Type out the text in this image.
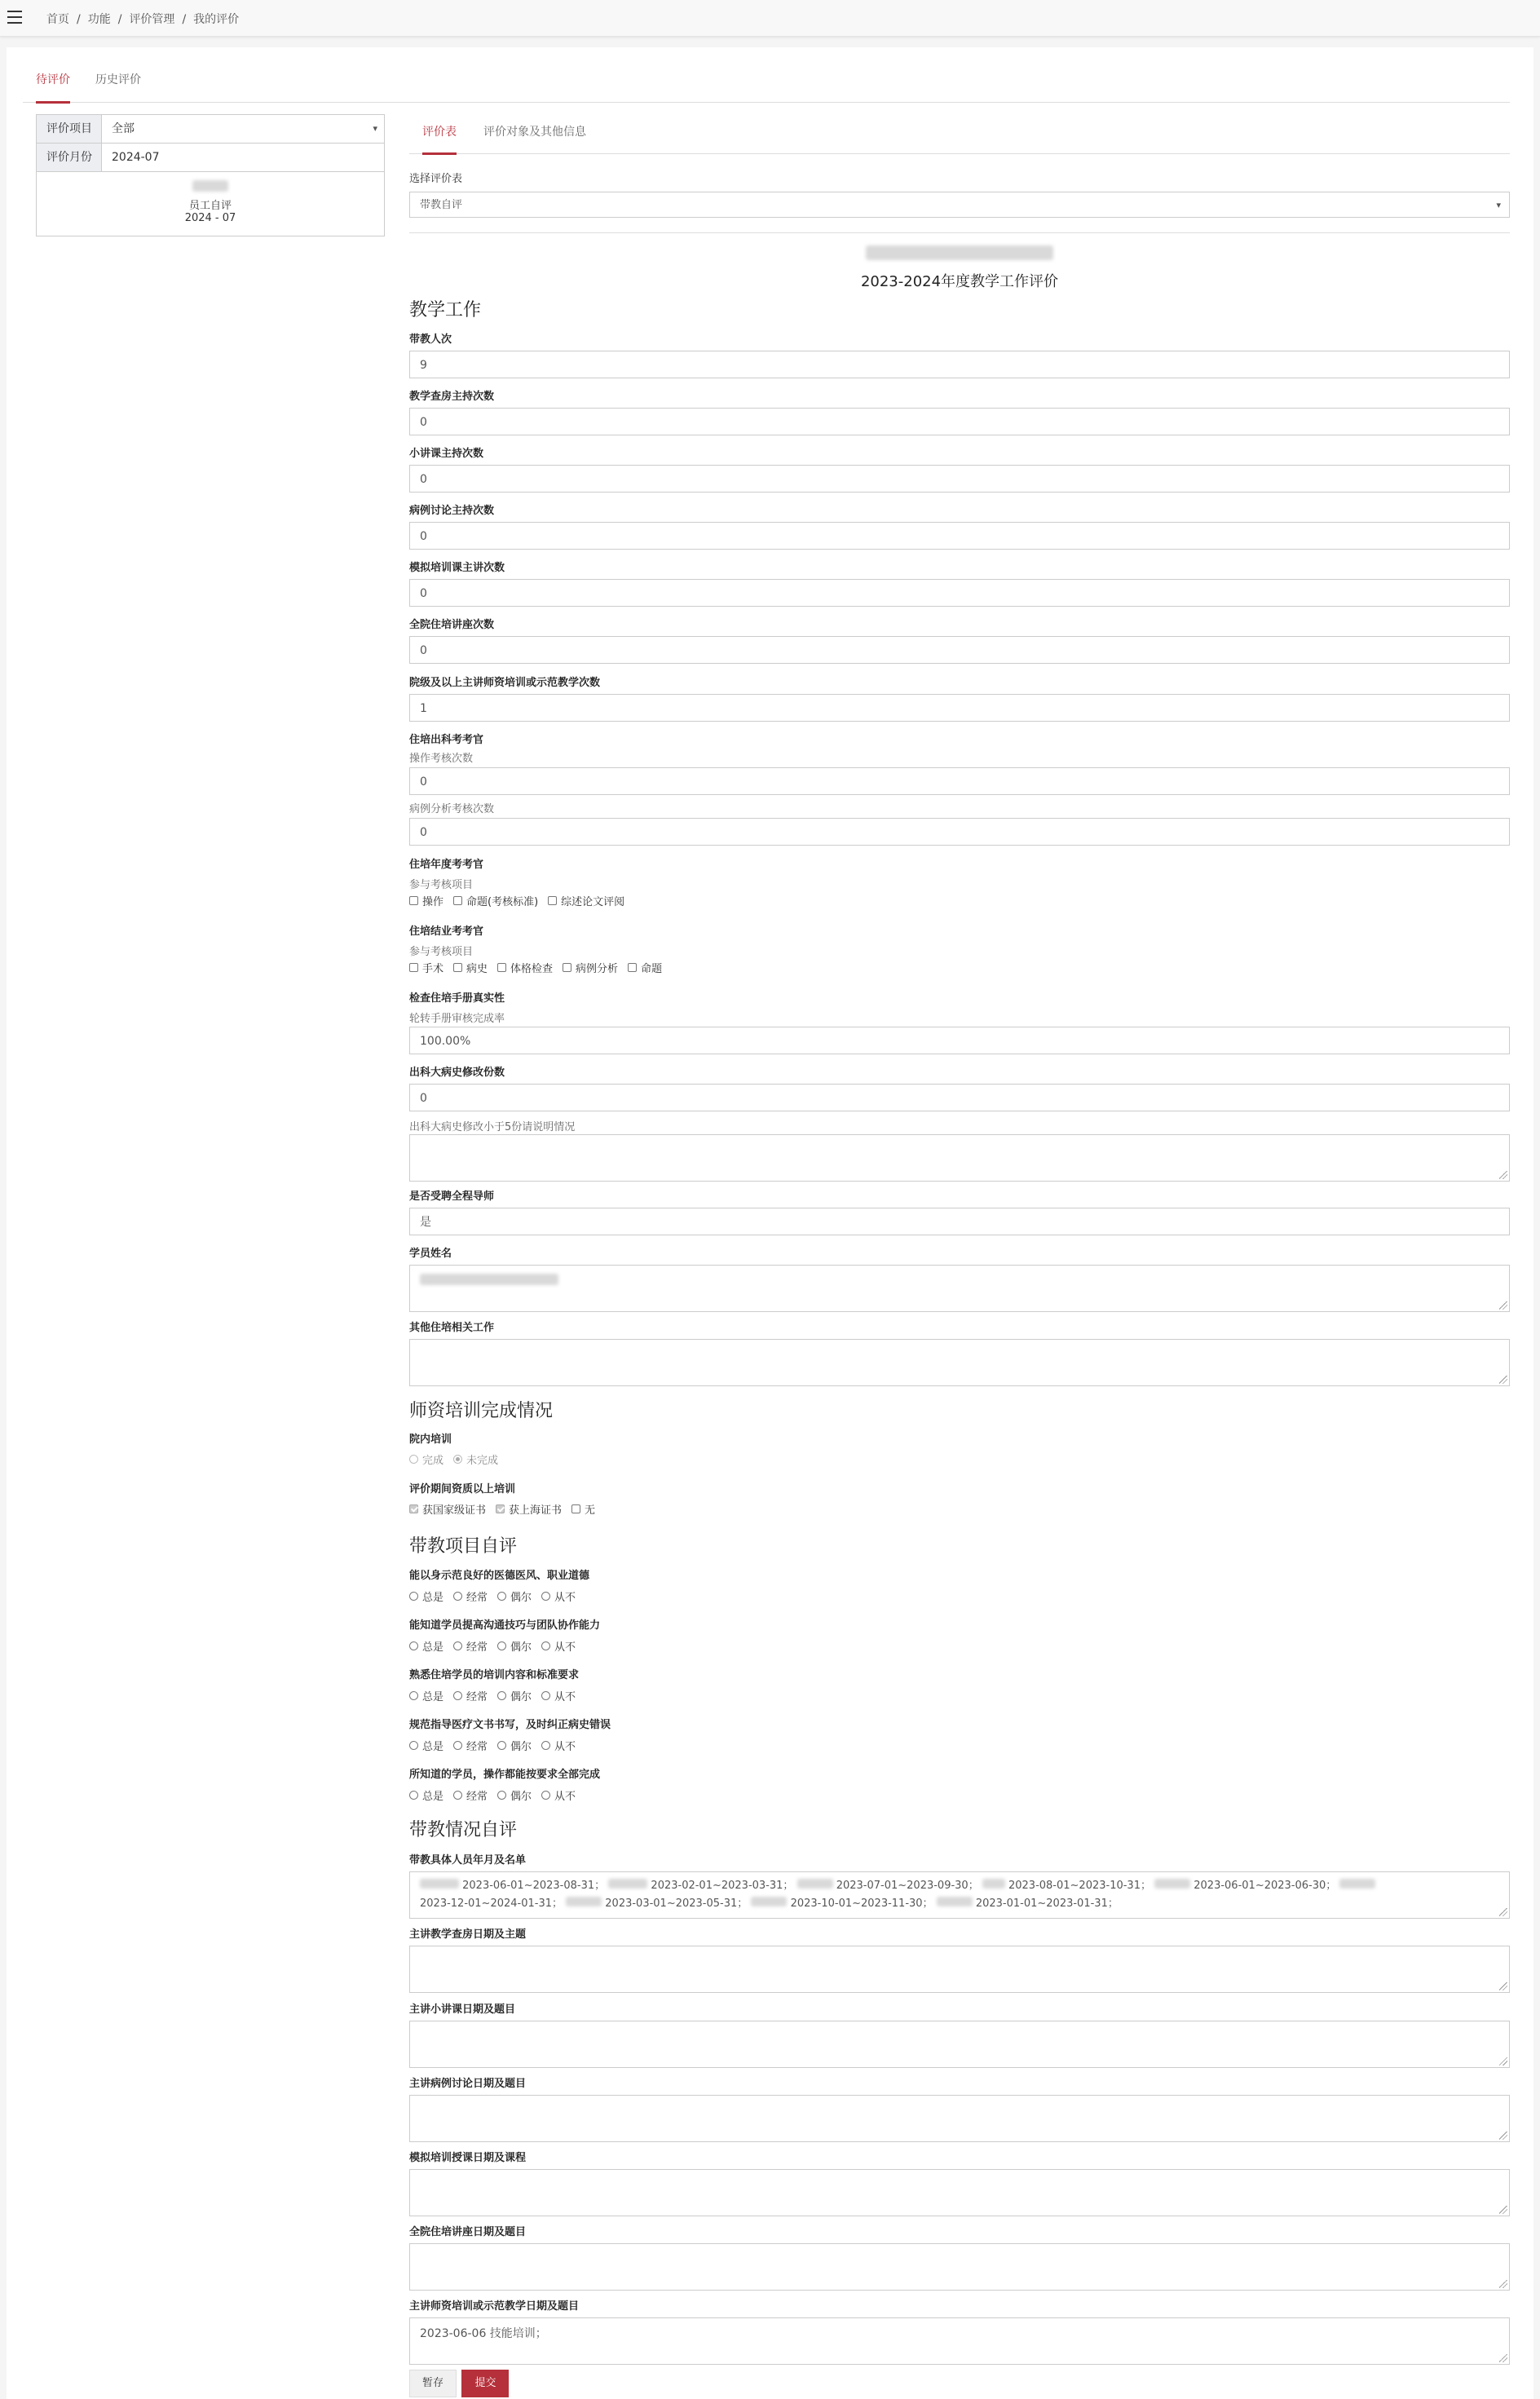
首页 / 功能 / 评价管理 / 我的评价
待评价 历史评价
评价项目	全部	▾
评价月份	2024-07
员工自评
2024 - 07
评价表 评价对象及其他信息
选择评价表
带教自评	▾
2023-2024年度教学工作评价
教学工作
带教人次
9
教学查房主持次数
0
小讲课主持次数
0
病例讨论主持次数
0
模拟培训课主讲次数
0
全院住培讲座次数
0
院级及以上主讲师资培训或示范教学次数
1
住培出科考考官
操作考核次数
0
病例分析考核次数
0
住培年度考考官
参与考核项目
操作 命题(考核标准) 综述论文评阅
住培结业考考官
参与考核项目
手术 病史 体格检查 病例分析 命题
检查住培手册真实性
轮转手册审核完成率
100.00%
出科大病史修改份数
0
出科大病史修改小于5份请说明情况
是否受聘全程导师
是
学员姓名
其他住培相关工作
师资培训完成情况
院内培训
完成 未完成
评价期间资质以上培训
获国家级证书 获上海证书 无
带教项目自评
能以身示范良好的医德医风、职业道德
总是 经常 偶尔 从不
能知道学员提高沟通技巧与团队协作能力
总是 经常 偶尔 从不
熟悉住培学员的培训内容和标准要求
总是 经常 偶尔 从不
规范指导医疗文书书写，及时纠正病史错误
总是 经常 偶尔 从不
所知道的学员，操作都能按要求全部完成
总是 经常 偶尔 从不
带教情况自评
带教具体人员年月及名单
2023-06-01~2023-08-31；	2023-02-01~2023-03-31；	2023-07-01~2023-09-30；	2023-08-01~2023-10-31；	2023-06-01~2023-06-30；
2023-12-01~2024-01-31；	2023-03-01~2023-05-31；	2023-10-01~2023-11-30；	2023-01-01~2023-01-31；
主讲教学查房日期及主题
主讲小讲课日期及题目
主讲病例讨论日期及题目
模拟培训授课日期及课程
全院住培讲座日期及题目
主讲师资培训或示范教学日期及题目
2023-06-06 技能培训；
暂存	提交
